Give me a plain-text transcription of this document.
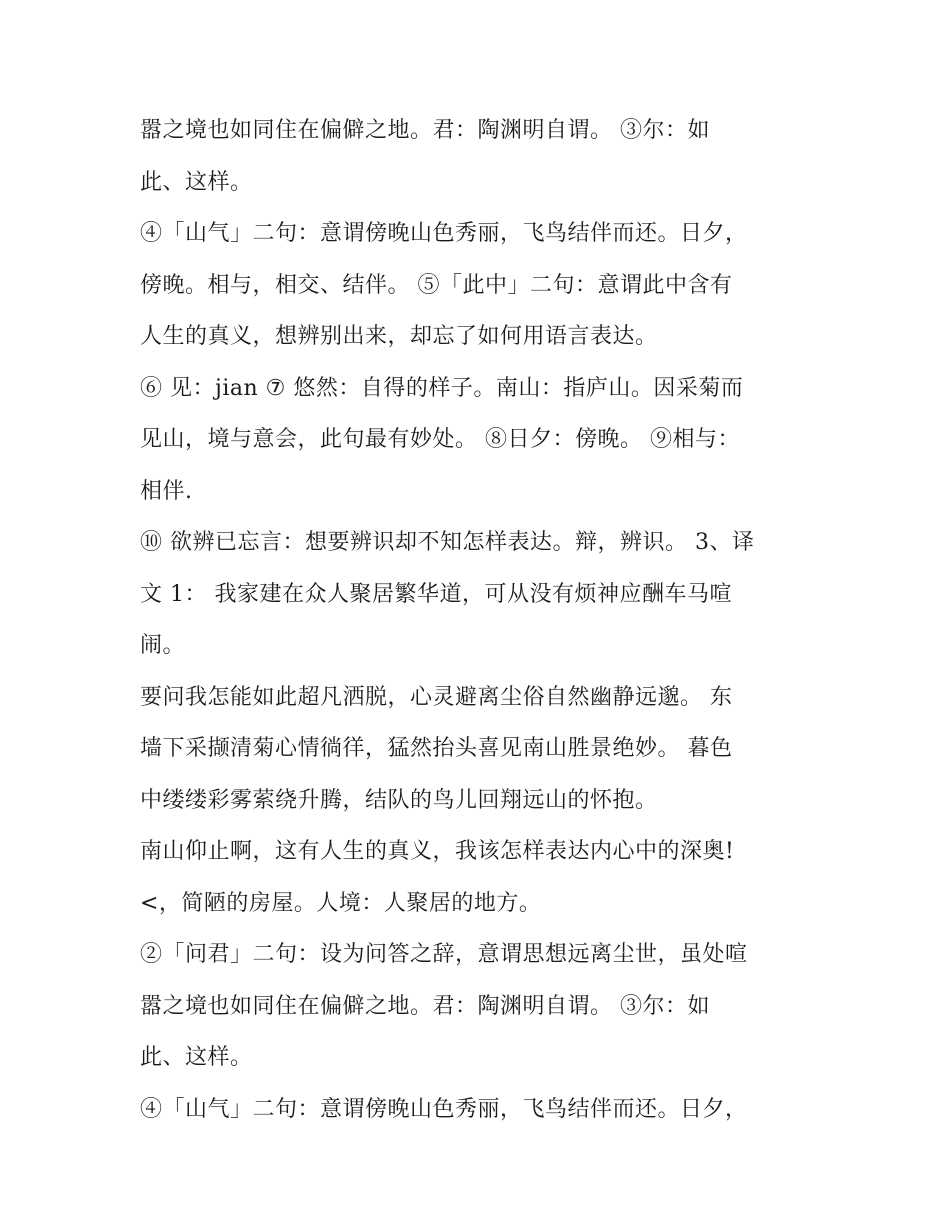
嚣之境也如同住在偏僻之地。君：陶渊明自谓。 ③尔：如
此、这样。
④「山气」二句：意谓傍晚山色秀丽，飞鸟结伴而还。日夕，
傍晚。相与，相交、结伴。 ⑤「此中」二句：意谓此中含有
人生的真义，想辨别出来，却忘了如何用语言表达。
⑥ 见：jian ⑦ 悠然：自得的样子。南山：指庐山。因采菊而
见山，境与意会，此句最有妙处。 ⑧日夕：傍晚。 ⑨相与：
相伴.
⑩ 欲辨已忘言：想要辨识却不知怎样表达。辩，辨识。 3、译
文 1： 我家建在众人聚居繁华道，可从没有烦神应酬车马喧
闹。
要问我怎能如此超凡洒脱，心灵避离尘俗自然幽静远邈。 东
墙下采撷清菊心情徜徉，猛然抬头喜见南山胜景绝妙。 暮色
中缕缕彩雾萦绕升腾，结队的鸟儿回翔远山的怀抱。
南山仰止啊，这有人生的真义，我该怎样表达内心中的深奥!
<，简陋的房屋。人境：人聚居的地方。
②「问君」二句：设为问答之辞，意谓思想远离尘世，虽处喧
嚣之境也如同住在偏僻之地。君：陶渊明自谓。 ③尔：如
此、这样。
④「山气」二句：意谓傍晚山色秀丽，飞鸟结伴而还。日夕，
